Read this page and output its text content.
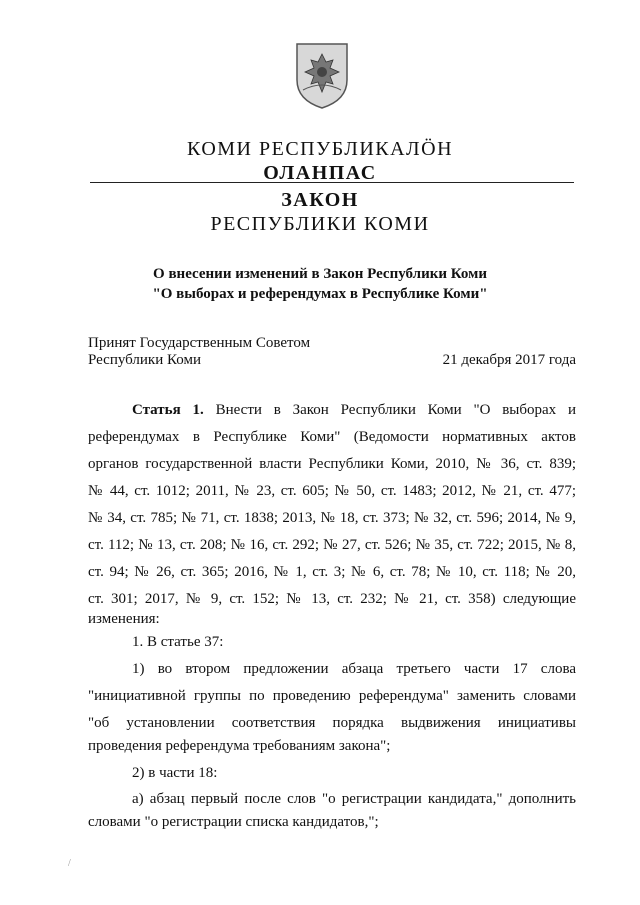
КОМИ РЕСПУБЛИКАЛÖН
ОЛАНПАС
ЗАКОН
РЕСПУБЛИКИ КОМИ
О внесении изменений в Закон Республики Коми
"О выборах и референдумах в Республике Коми"
Принят Государственным Советом
Республики Коми	21 декабря 2017 года
Статья 1. Внести в Закон Республики Коми "О выборах и
референдумах в Республике Коми" (Ведомости нормативных актов
органов государственной власти Республики Коми, 2010, № 36, ст. 839;
№ 44, ст. 1012; 2011, № 23, ст. 605; № 50, ст. 1483; 2012, № 21, ст. 477;
№ 34, ст. 785; № 71, ст. 1838; 2013, № 18, ст. 373; № 32, ст. 596; 2014, № 9,
ст. 112; № 13, ст. 208; № 16, ст. 292; № 27, ст. 526; № 35, ст. 722; 2015, № 8,
ст. 94; № 26, ст. 365; 2016, № 1, ст. 3; № 6, ст. 78; № 10, ст. 118; № 20,
ст. 301; 2017, № 9, ст. 152; № 13, ст. 232; № 21, ст. 358) следующие
изменения:
1. В статье 37:
1) во втором предложении абзаца третьего части 17 слова
"инициативной группы по проведению референдума" заменить словами
"об установлении соответствия порядка выдвижения инициативы
проведения референдума требованиям закона";
2) в части 18:
а) абзац первый после слов "о регистрации кандидата," дополнить
словами "о регистрации списка кандидатов,";
/
